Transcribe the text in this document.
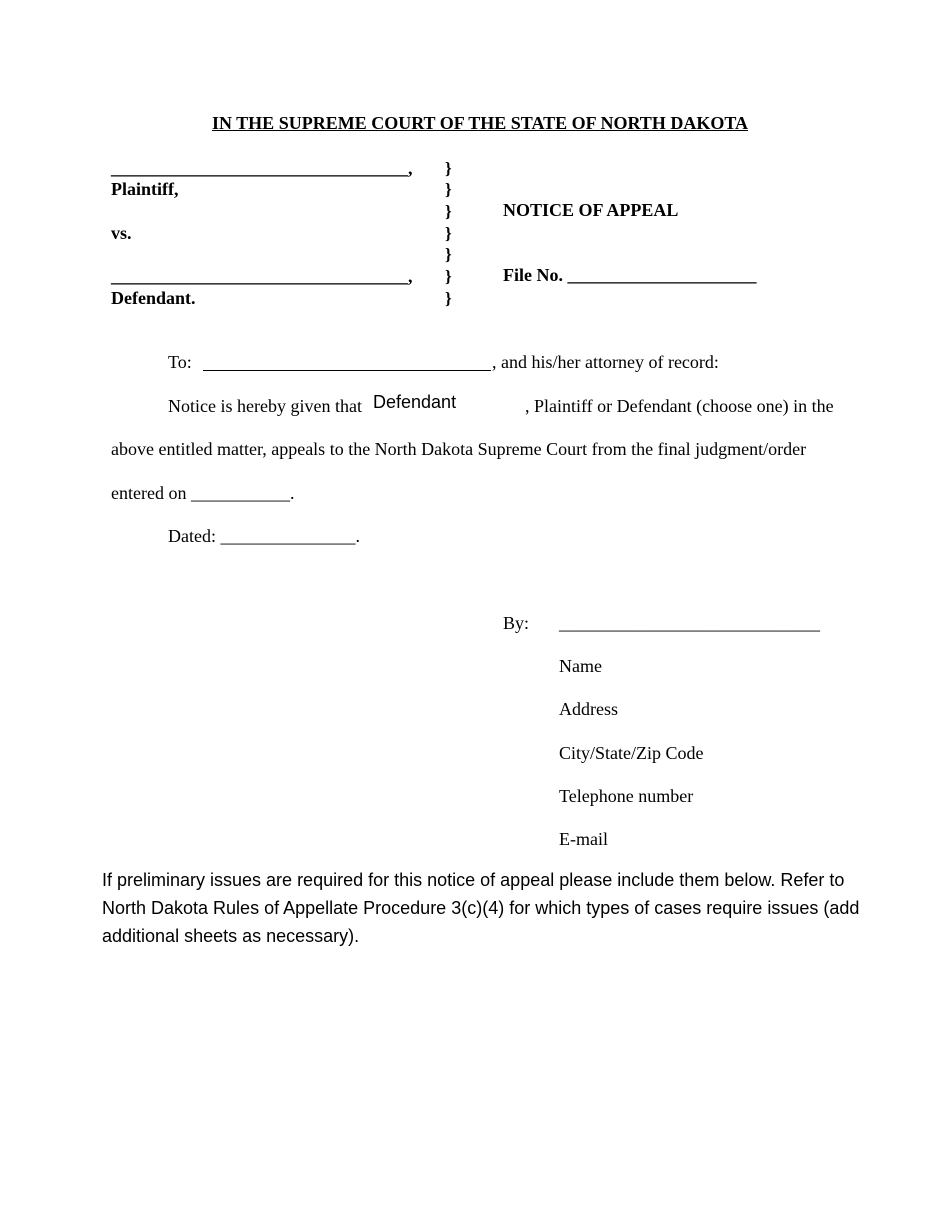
IN THE SUPREME COURT OF THE STATE OF NORTH DAKOTA
_________________________________,
Plaintiff,
vs.
_________________________________,
Defendant.
}
}
}
}
}
}
}
NOTICE OF APPEAL
File No. _____________________
To:	, and his/her attorney of record:
Notice is hereby given that Defendant	, Plaintiff or Defendant (choose one) in the
above entitled matter, appeals to the North Dakota Supreme Court from the final judgment/order
entered on ___________.
Dated: _______________.
By: _____________________________
Name
Address
City/State/Zip Code
Telephone number
E-mail
If preliminary issues are required for this notice of appeal please include them below. Refer to North Dakota Rules of Appellate Procedure 3(c)(4) for which types of cases require issues (add additional sheets as necessary).
